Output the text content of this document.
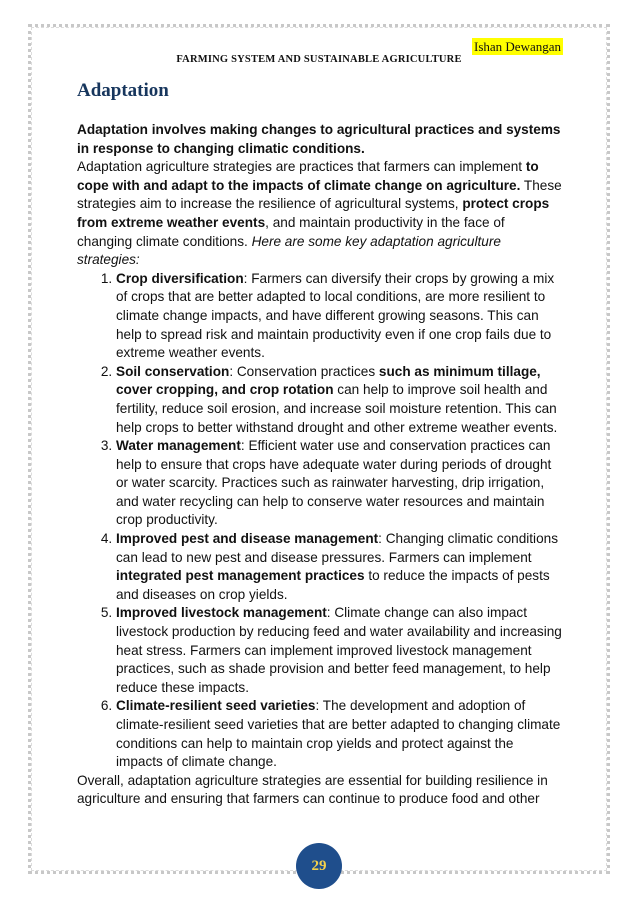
Ishan Dewangan
FARMING SYSTEM AND SUSTAINABLE AGRICULTURE
Adaptation

Adaptation involves making changes to agricultural practices and systems in response to changing climatic conditions.

Adaptation agriculture strategies are practices that farmers can implement to cope with and adapt to the impacts of climate change on agriculture. These strategies aim to increase the resilience of agricultural systems, protect crops from extreme weather events, and maintain productivity in the face of changing climate conditions. Here are some key adaptation agriculture strategies:

1. Crop diversification: Farmers can diversify their crops by growing a mix of crops that are better adapted to local conditions, are more resilient to climate change impacts, and have different growing seasons. This can help to spread risk and maintain productivity even if one crop fails due to extreme weather events.
2. Soil conservation: Conservation practices such as minimum tillage, cover cropping, and crop rotation can help to improve soil health and fertility, reduce soil erosion, and increase soil moisture retention. This can help crops to better withstand drought and other extreme weather events.
3. Water management: Efficient water use and conservation practices can help to ensure that crops have adequate water during periods of drought or water scarcity. Practices such as rainwater harvesting, drip irrigation, and water recycling can help to conserve water resources and maintain crop productivity.
4. Improved pest and disease management: Changing climatic conditions can lead to new pest and disease pressures. Farmers can implement integrated pest management practices to reduce the impacts of pests and diseases on crop yields.
5. Improved livestock management: Climate change can also impact livestock production by reducing feed and water availability and increasing heat stress. Farmers can implement improved livestock management practices, such as shade provision and better feed management, to help reduce these impacts.
6. Climate-resilient seed varieties: The development and adoption of climate-resilient seed varieties that are better adapted to changing climate conditions can help to maintain crop yields and protect against the impacts of climate change.

Overall, adaptation agriculture strategies are essential for building resilience in agriculture and ensuring that farmers can continue to produce food and other

29
